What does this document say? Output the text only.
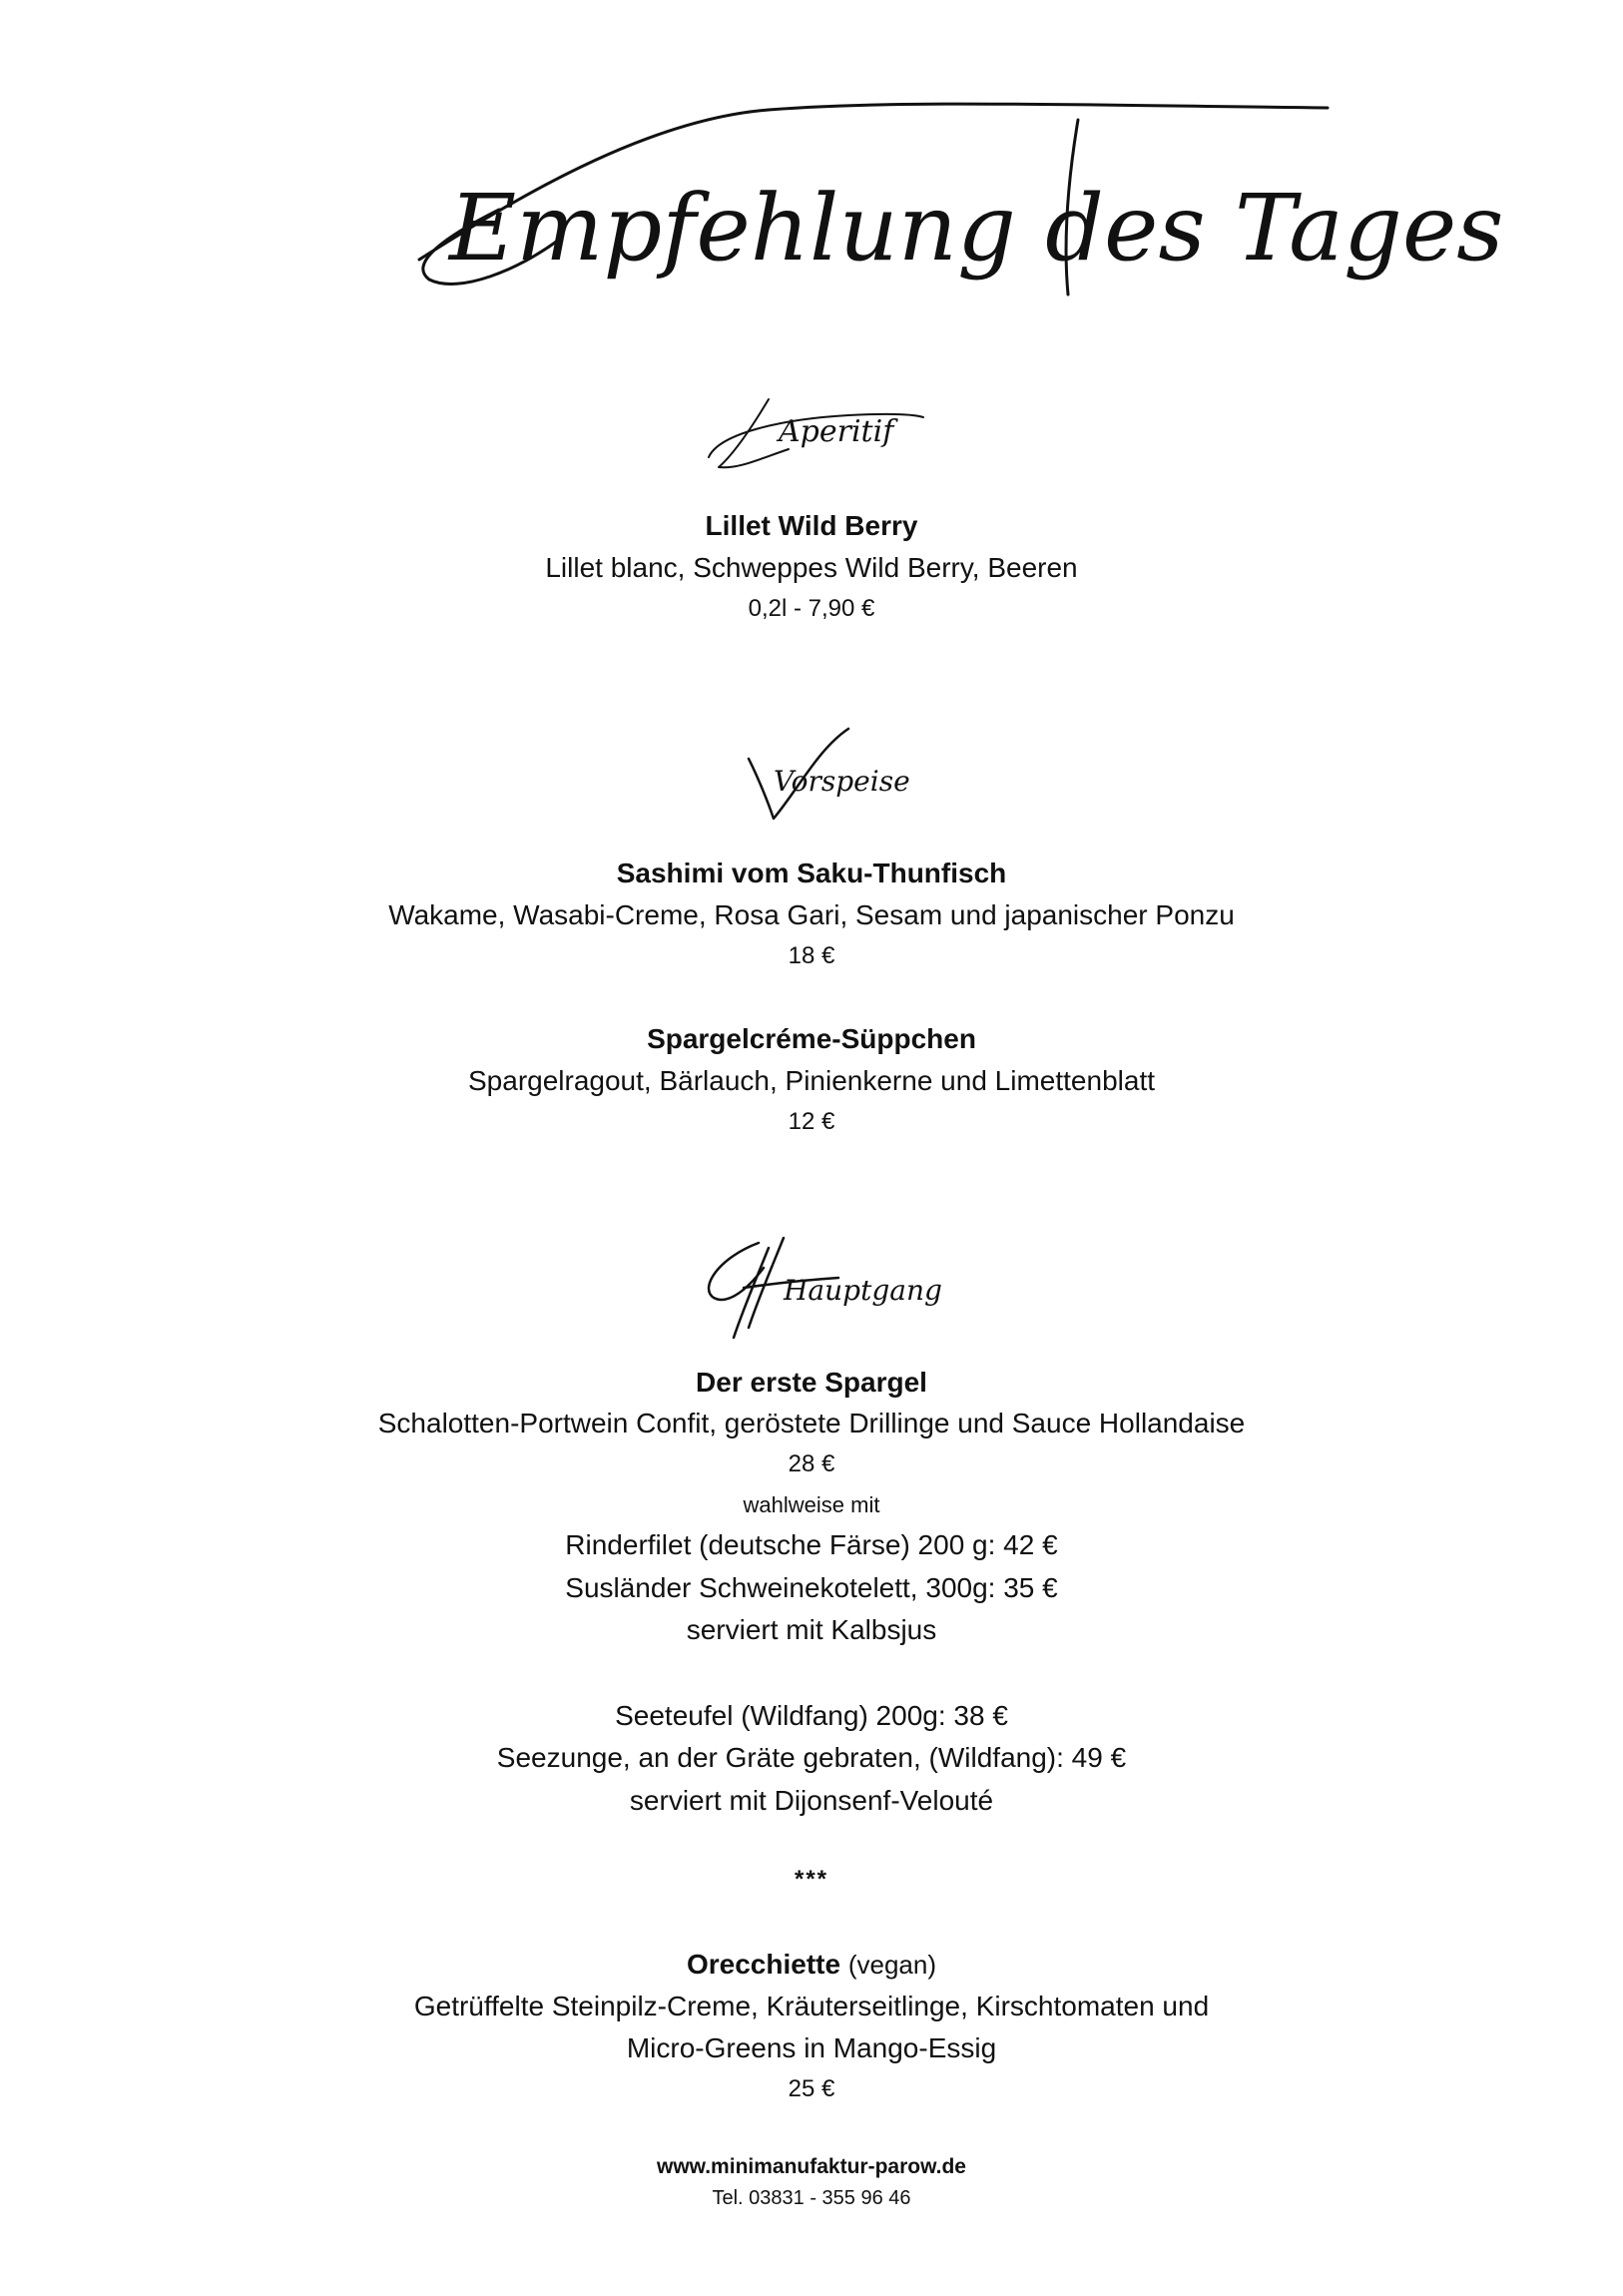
Empfehlung des Tages
Aperitif
Lillet Wild Berry
Lillet blanc, Schweppes Wild Berry, Beeren
0,2l - 7,90 €
Vorspeise
Sashimi vom Saku-Thunfisch
Wakame, Wasabi-Creme, Rosa Gari, Sesam und japanischer Ponzu
18 €
Spargelcréme-Süppchen
Spargelragout, Bärlauch, Pinienkerne und Limettenblatt
12 €
Hauptgang
Der erste Spargel
Schalotten-Portwein Confit, geröstete Drillinge und Sauce Hollandaise
28 €
wahlweise mit
Rinderfilet (deutsche Färse) 200 g: 42 €
Susländer Schweinekotelett, 300g: 35 €
serviert mit Kalbsjus
Seeteufel (Wildfang) 200g: 38 €
Seezunge, an der Gräte gebraten, (Wildfang): 49 €
serviert mit Dijonsenf-Velouté
***
Orecchiette (vegan)
Getrüffelte Steinpilz-Creme, Kräuterseitlinge, Kirschtomaten und
Micro-Greens in Mango-Essig
25 €
www.minimanufaktur-parow.de
Tel. 03831 - 355 96 46
